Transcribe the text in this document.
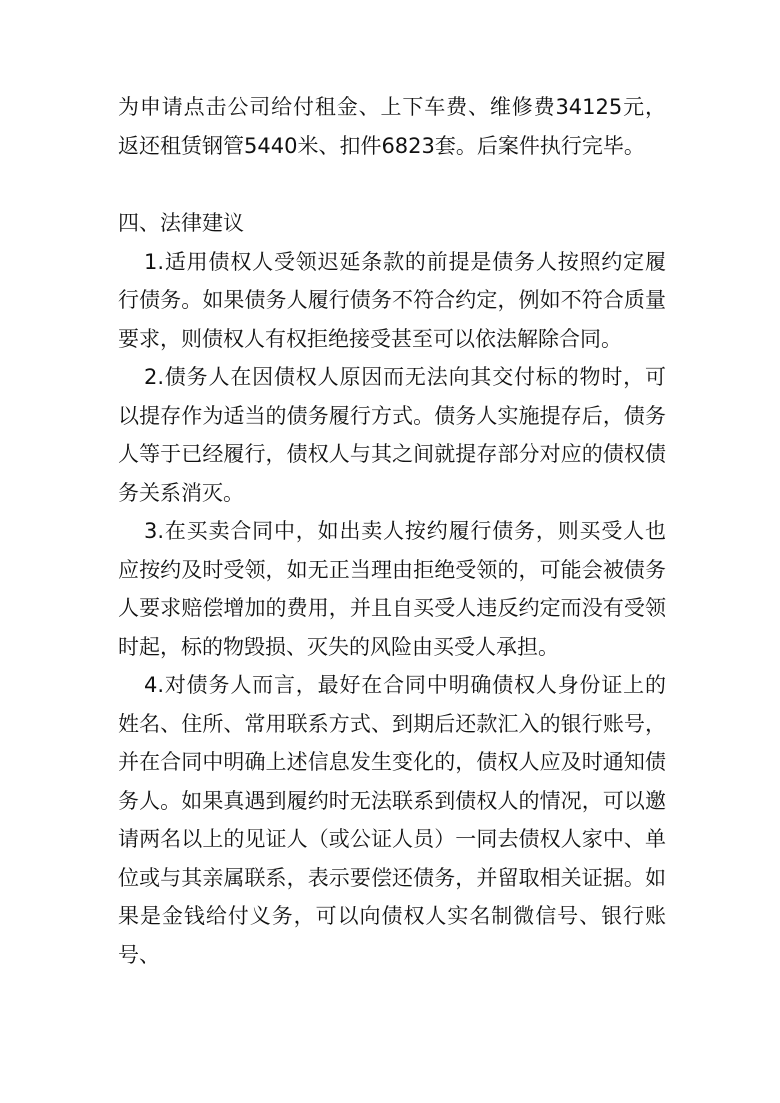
为申请点击公司给付租金、上下车费、维修费34125元，返还租赁钢管5440米、扣件6823套。后案件执行完毕。

四、法律建议

1.适用债权人受领迟延条款的前提是债务人按照约定履行债务。如果债务人履行债务不符合约定，例如不符合质量要求，则债权人有权拒绝接受甚至可以依法解除合同。

2.债务人在因债权人原因而无法向其交付标的物时，可以提存作为适当的债务履行方式。债务人实施提存后，债务人等于已经履行，债权人与其之间就提存部分对应的债权债务关系消灭。

3.在买卖合同中，如出卖人按约履行债务，则买受人也应按约及时受领，如无正当理由拒绝受领的，可能会被债务人要求赔偿增加的费用，并且自买受人违反约定而没有受领时起，标的物毁损、灭失的风险由买受人承担。

4.对债务人而言，最好在合同中明确债权人身份证上的姓名、住所、常用联系方式、到期后还款汇入的银行账号，并在合同中明确上述信息发生变化的，债权人应及时通知债务人。如果真遇到履约时无法联系到债权人的情况，可以邀请两名以上的见证人（或公证人员）一同去债权人家中、单位或与其亲属联系，表示要偿还债务，并留取相关证据。如果是金钱给付义务，可以向债权人实名制微信号、银行账号、
